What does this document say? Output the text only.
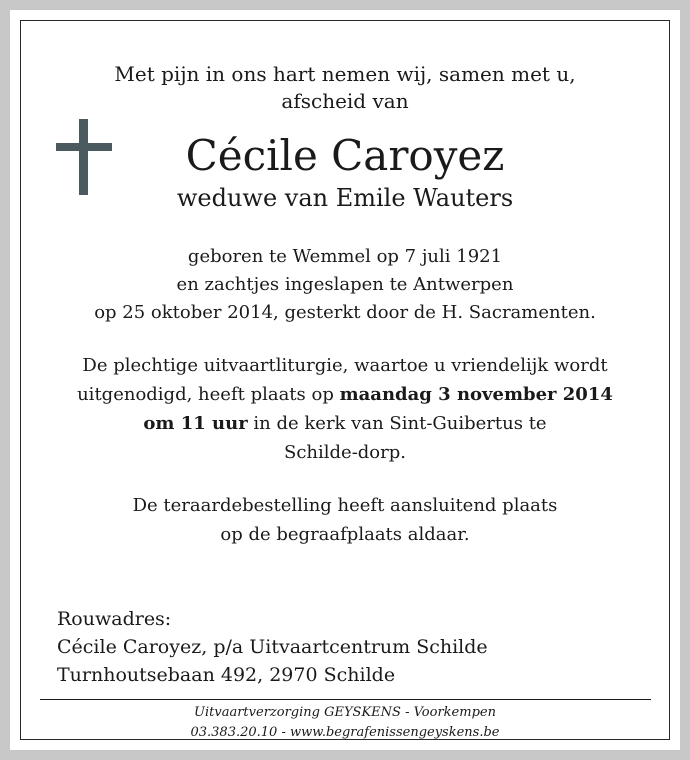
Met pijn in ons hart nemen wij, samen met u,
afscheid van
Cécile Caroyez
weduwe van Emile Wauters
geboren te Wemmel op 7 juli 1921
en zachtjes ingeslapen te Antwerpen
op 25 oktober 2014, gesterkt door de H. Sacramenten.
De plechtige uitvaartliturgie, waartoe u vriendelijk wordt
uitgenodigd, heeft plaats op maandag 3 november 2014
om 11 uur in de kerk van Sint-Guibertus te
Schilde-dorp.
De teraardebestelling heeft aansluitend plaats
op de begraafplaats aldaar.
Rouwadres:
Cécile Caroyez, p/a Uitvaartcentrum Schilde
Turnhoutsebaan 492, 2970 Schilde
Uitvaartverzorging GEYSKENS - Voorkempen
03.383.20.10 - www.begrafenissengeyskens.be
